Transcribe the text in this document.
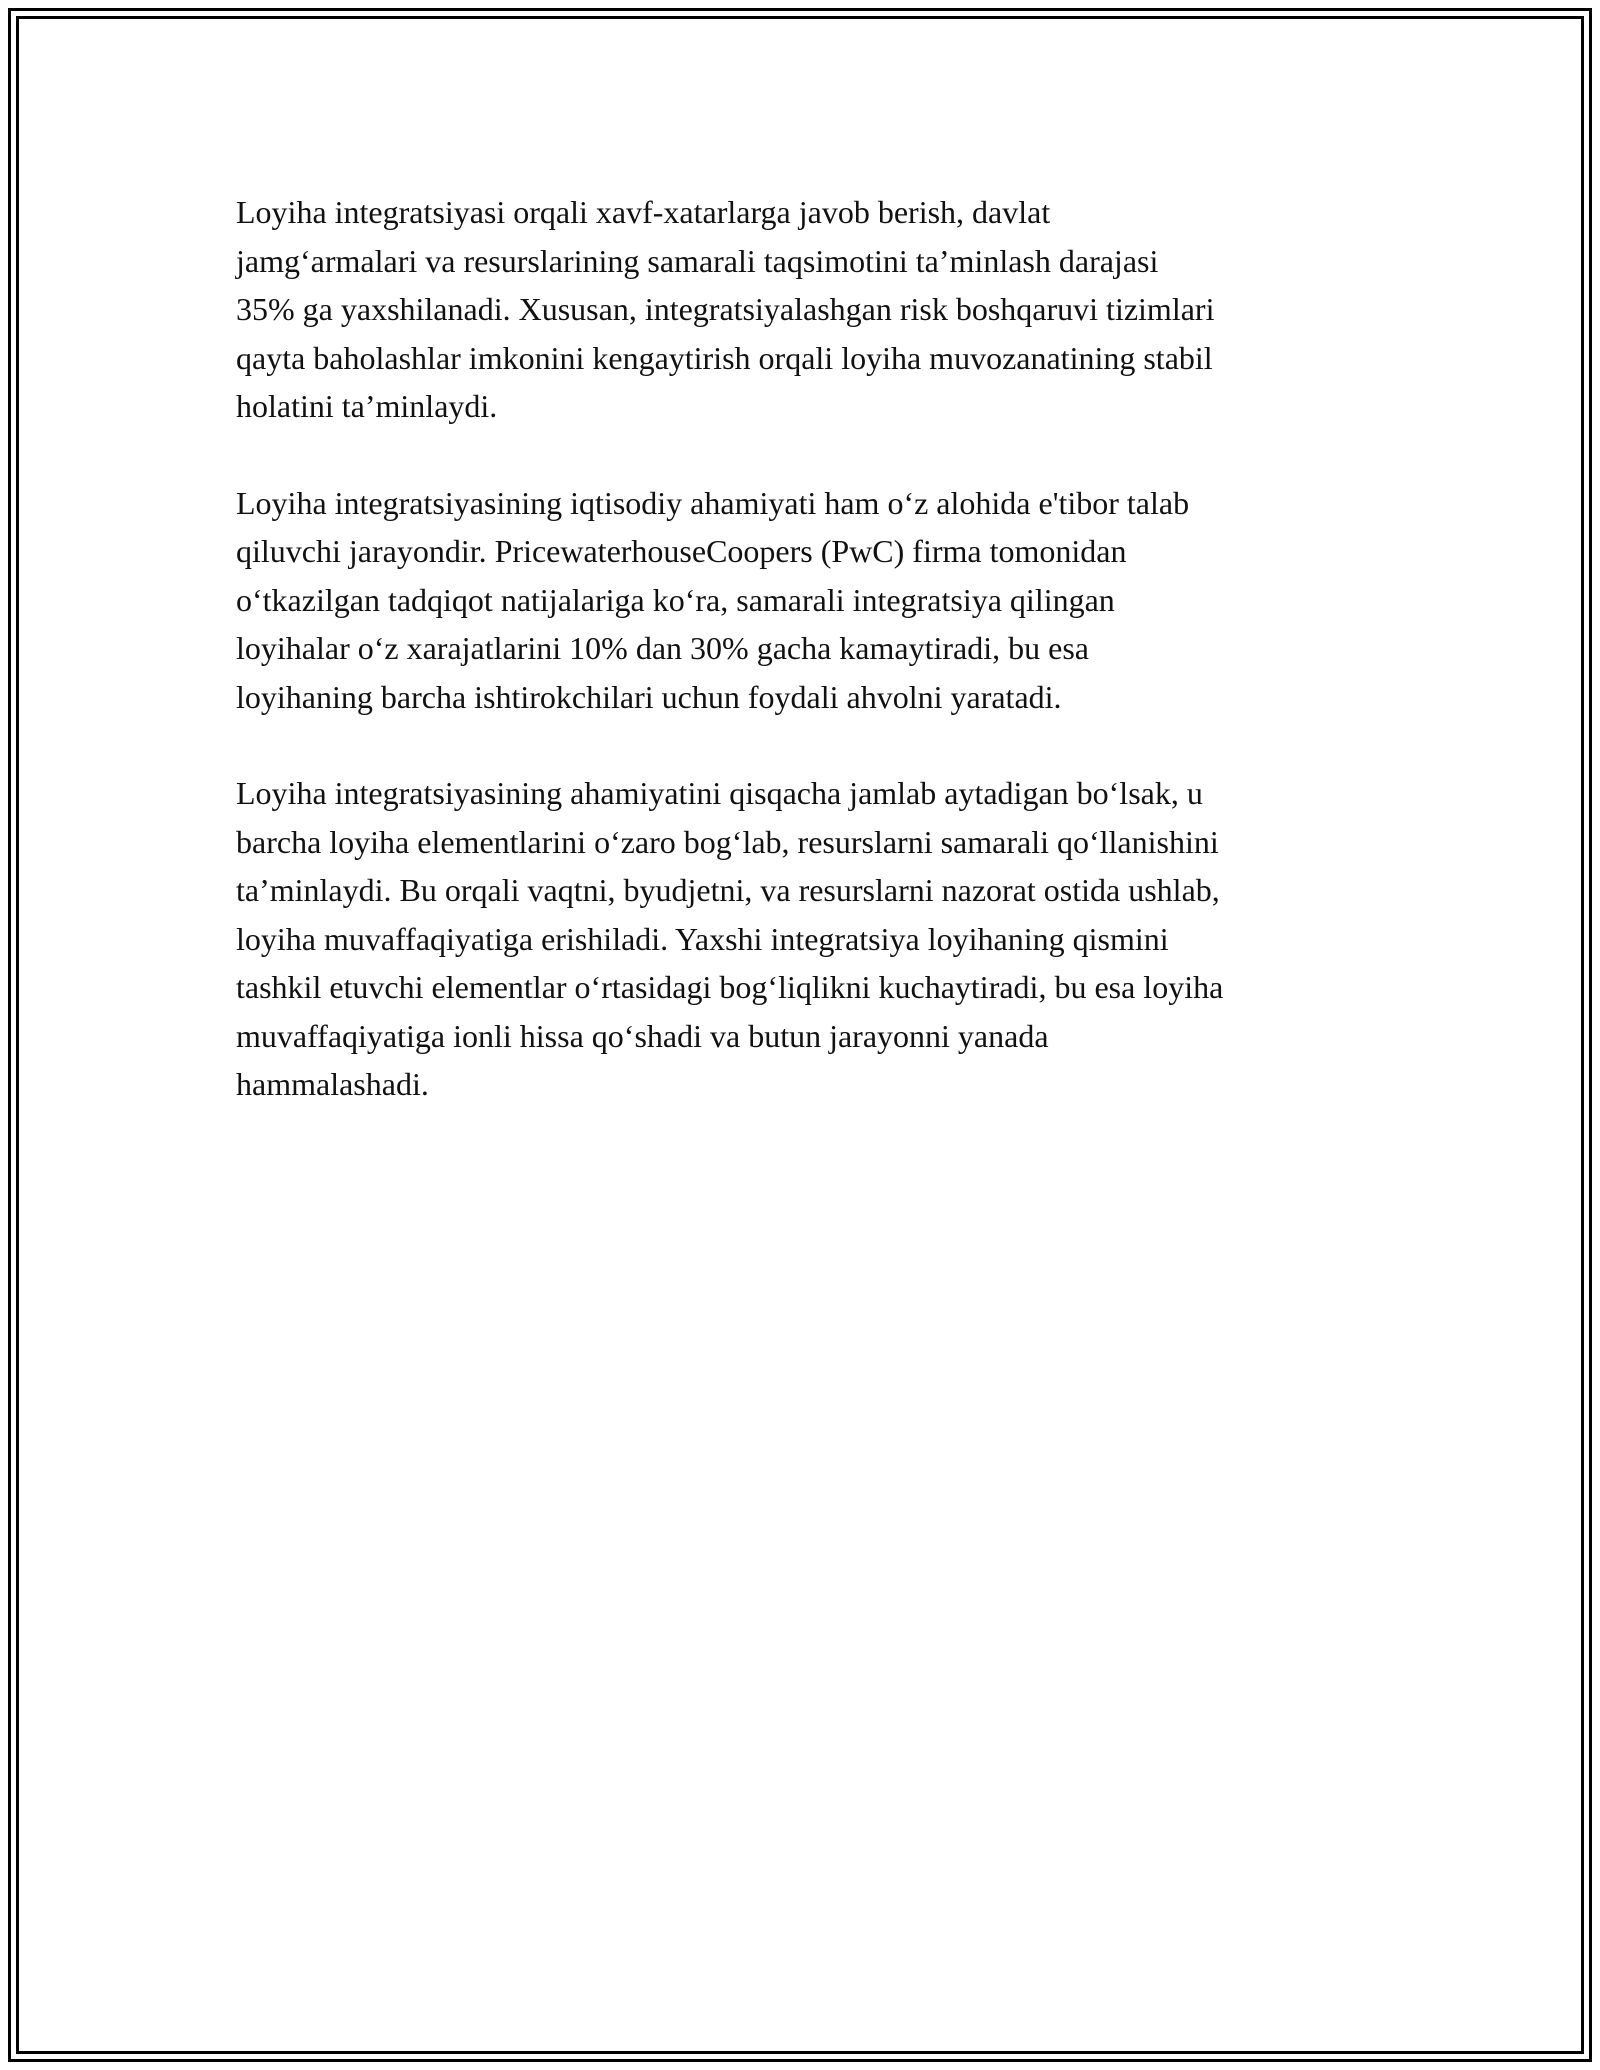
Loyiha integratsiyasi orqali xavf-xatarlarga javob berish, davlat
jamg‘armalari va resurslarining samarali taqsimotini ta’minlash darajasi
35% ga yaxshilanadi. Xususan, integratsiyalashgan risk boshqaruvi tizimlari
qayta baholashlar imkonini kengaytirish orqali loyiha muvozanatining stabil
holatini ta’minlaydi.

Loyiha integratsiyasining iqtisodiy ahamiyati ham o‘z alohida e'tibor talab
qiluvchi jarayondir. PricewaterhouseCoopers (PwC) firma tomonidan
o‘tkazilgan tadqiqot natijalariga ko‘ra, samarali integratsiya qilingan
loyihalar o‘z xarajatlarini 10% dan 30% gacha kamaytiradi, bu esa
loyihaning barcha ishtirokchilari uchun foydali ahvolni yaratadi.

Loyiha integratsiyasining ahamiyatini qisqacha jamlab aytadigan bo‘lsak, u
barcha loyiha elementlarini o‘zaro bog‘lab, resurslarni samarali qo‘llanishini
ta’minlaydi. Bu orqali vaqtni, byudjetni, va resurslarni nazorat ostida ushlab,
loyiha muvaffaqiyatiga erishiladi. Yaxshi integratsiya loyihaning qismini
tashkil etuvchi elementlar o‘rtasidagi bog‘liqlikni kuchaytiradi, bu esa loyiha
muvaffaqiyatiga ionli hissa qo‘shadi va butun jarayonni yanada
hammalashadi.
